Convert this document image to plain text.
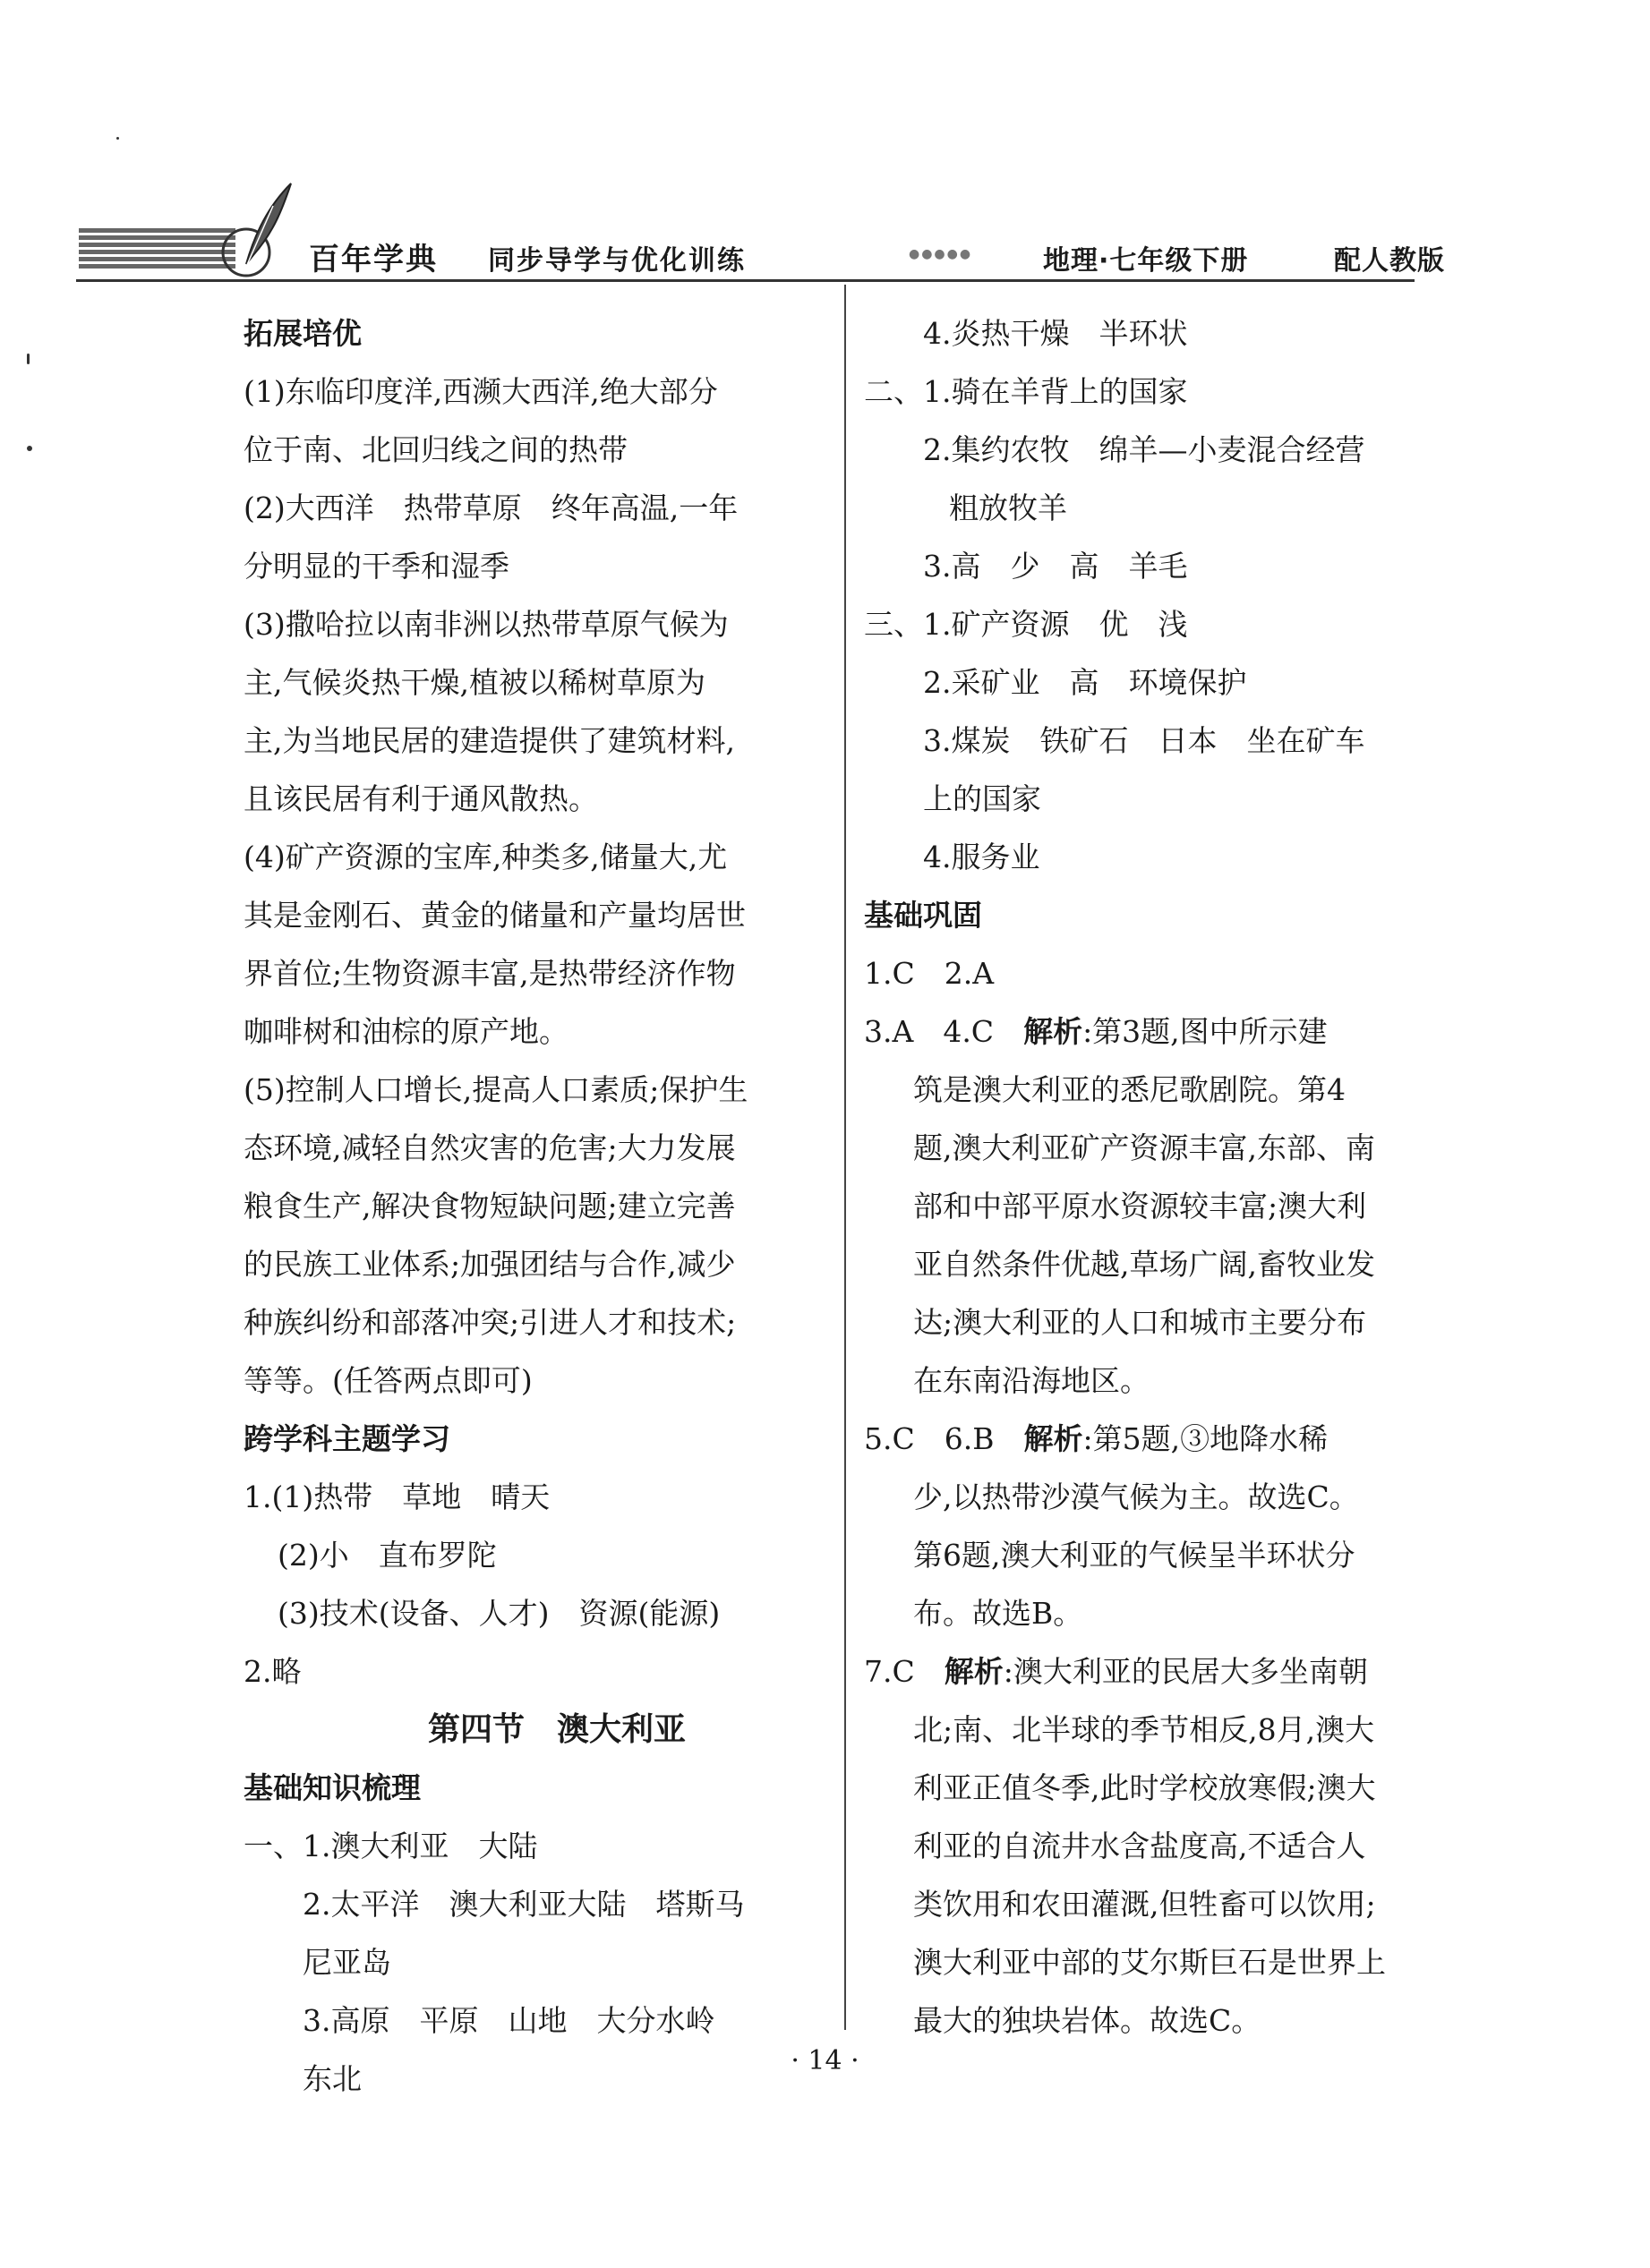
百年学典 同步导学与优化训练	●●●●●	地理·七年级下册	配人教版
拓展培优
(1)东临印度洋,西濒大西洋,绝大部分
位于南、北回归线之间的热带
(2)大西洋　热带草原　终年高温,一年
分明显的干季和湿季
(3)撒哈拉以南非洲以热带草原气候为
主,气候炎热干燥,植被以稀树草原为
主,为当地民居的建造提供了建筑材料,
且该民居有利于通风散热。
(4)矿产资源的宝库,种类多,储量大,尤
其是金刚石、黄金的储量和产量均居世
界首位;生物资源丰富,是热带经济作物
咖啡树和油棕的原产地。
(5)控制人口增长,提高人口素质;保护生
态环境,减轻自然灾害的危害;大力发展
粮食生产,解决食物短缺问题;建立完善
的民族工业体系;加强团结与合作,减少
种族纠纷和部落冲突;引进人才和技术;
等等。(任答两点即可)
跨学科主题学习
1.(1)热带　草地　晴天
(2)小　直布罗陀
(3)技术(设备、人才)　资源(能源)
2.略
第四节　澳大利亚
基础知识梳理
一、1.澳大利亚　大陆
2.太平洋　澳大利亚大陆　塔斯马
尼亚岛
3.高原　平原　山地　大分水岭
东北
4.炎热干燥　半环状
二、1.骑在羊背上的国家
2.集约农牧　绵羊—小麦混合经营
粗放牧羊
3.高　少　高　羊毛
三、1.矿产资源　优　浅
2.采矿业　高　环境保护
3.煤炭　铁矿石　日本　坐在矿车
上的国家
4.服务业
基础巩固
1.C　2.A
3.A　4.C　解析:第3题,图中所示建
筑是澳大利亚的悉尼歌剧院。第4
题,澳大利亚矿产资源丰富,东部、南
部和中部平原水资源较丰富;澳大利
亚自然条件优越,草场广阔,畜牧业发
达;澳大利亚的人口和城市主要分布
在东南沿海地区。
5.C　6.B　解析:第5题,③地降水稀
少,以热带沙漠气候为主。故选C。
第6题,澳大利亚的气候呈半环状分
布。故选B。
7.C　解析:澳大利亚的民居大多坐南朝
北;南、北半球的季节相反,8月,澳大
利亚正值冬季,此时学校放寒假;澳大
利亚的自流井水含盐度高,不适合人
类饮用和农田灌溉,但牲畜可以饮用;
澳大利亚中部的艾尔斯巨石是世界上
最大的独块岩体。故选C。
· 14 ·
